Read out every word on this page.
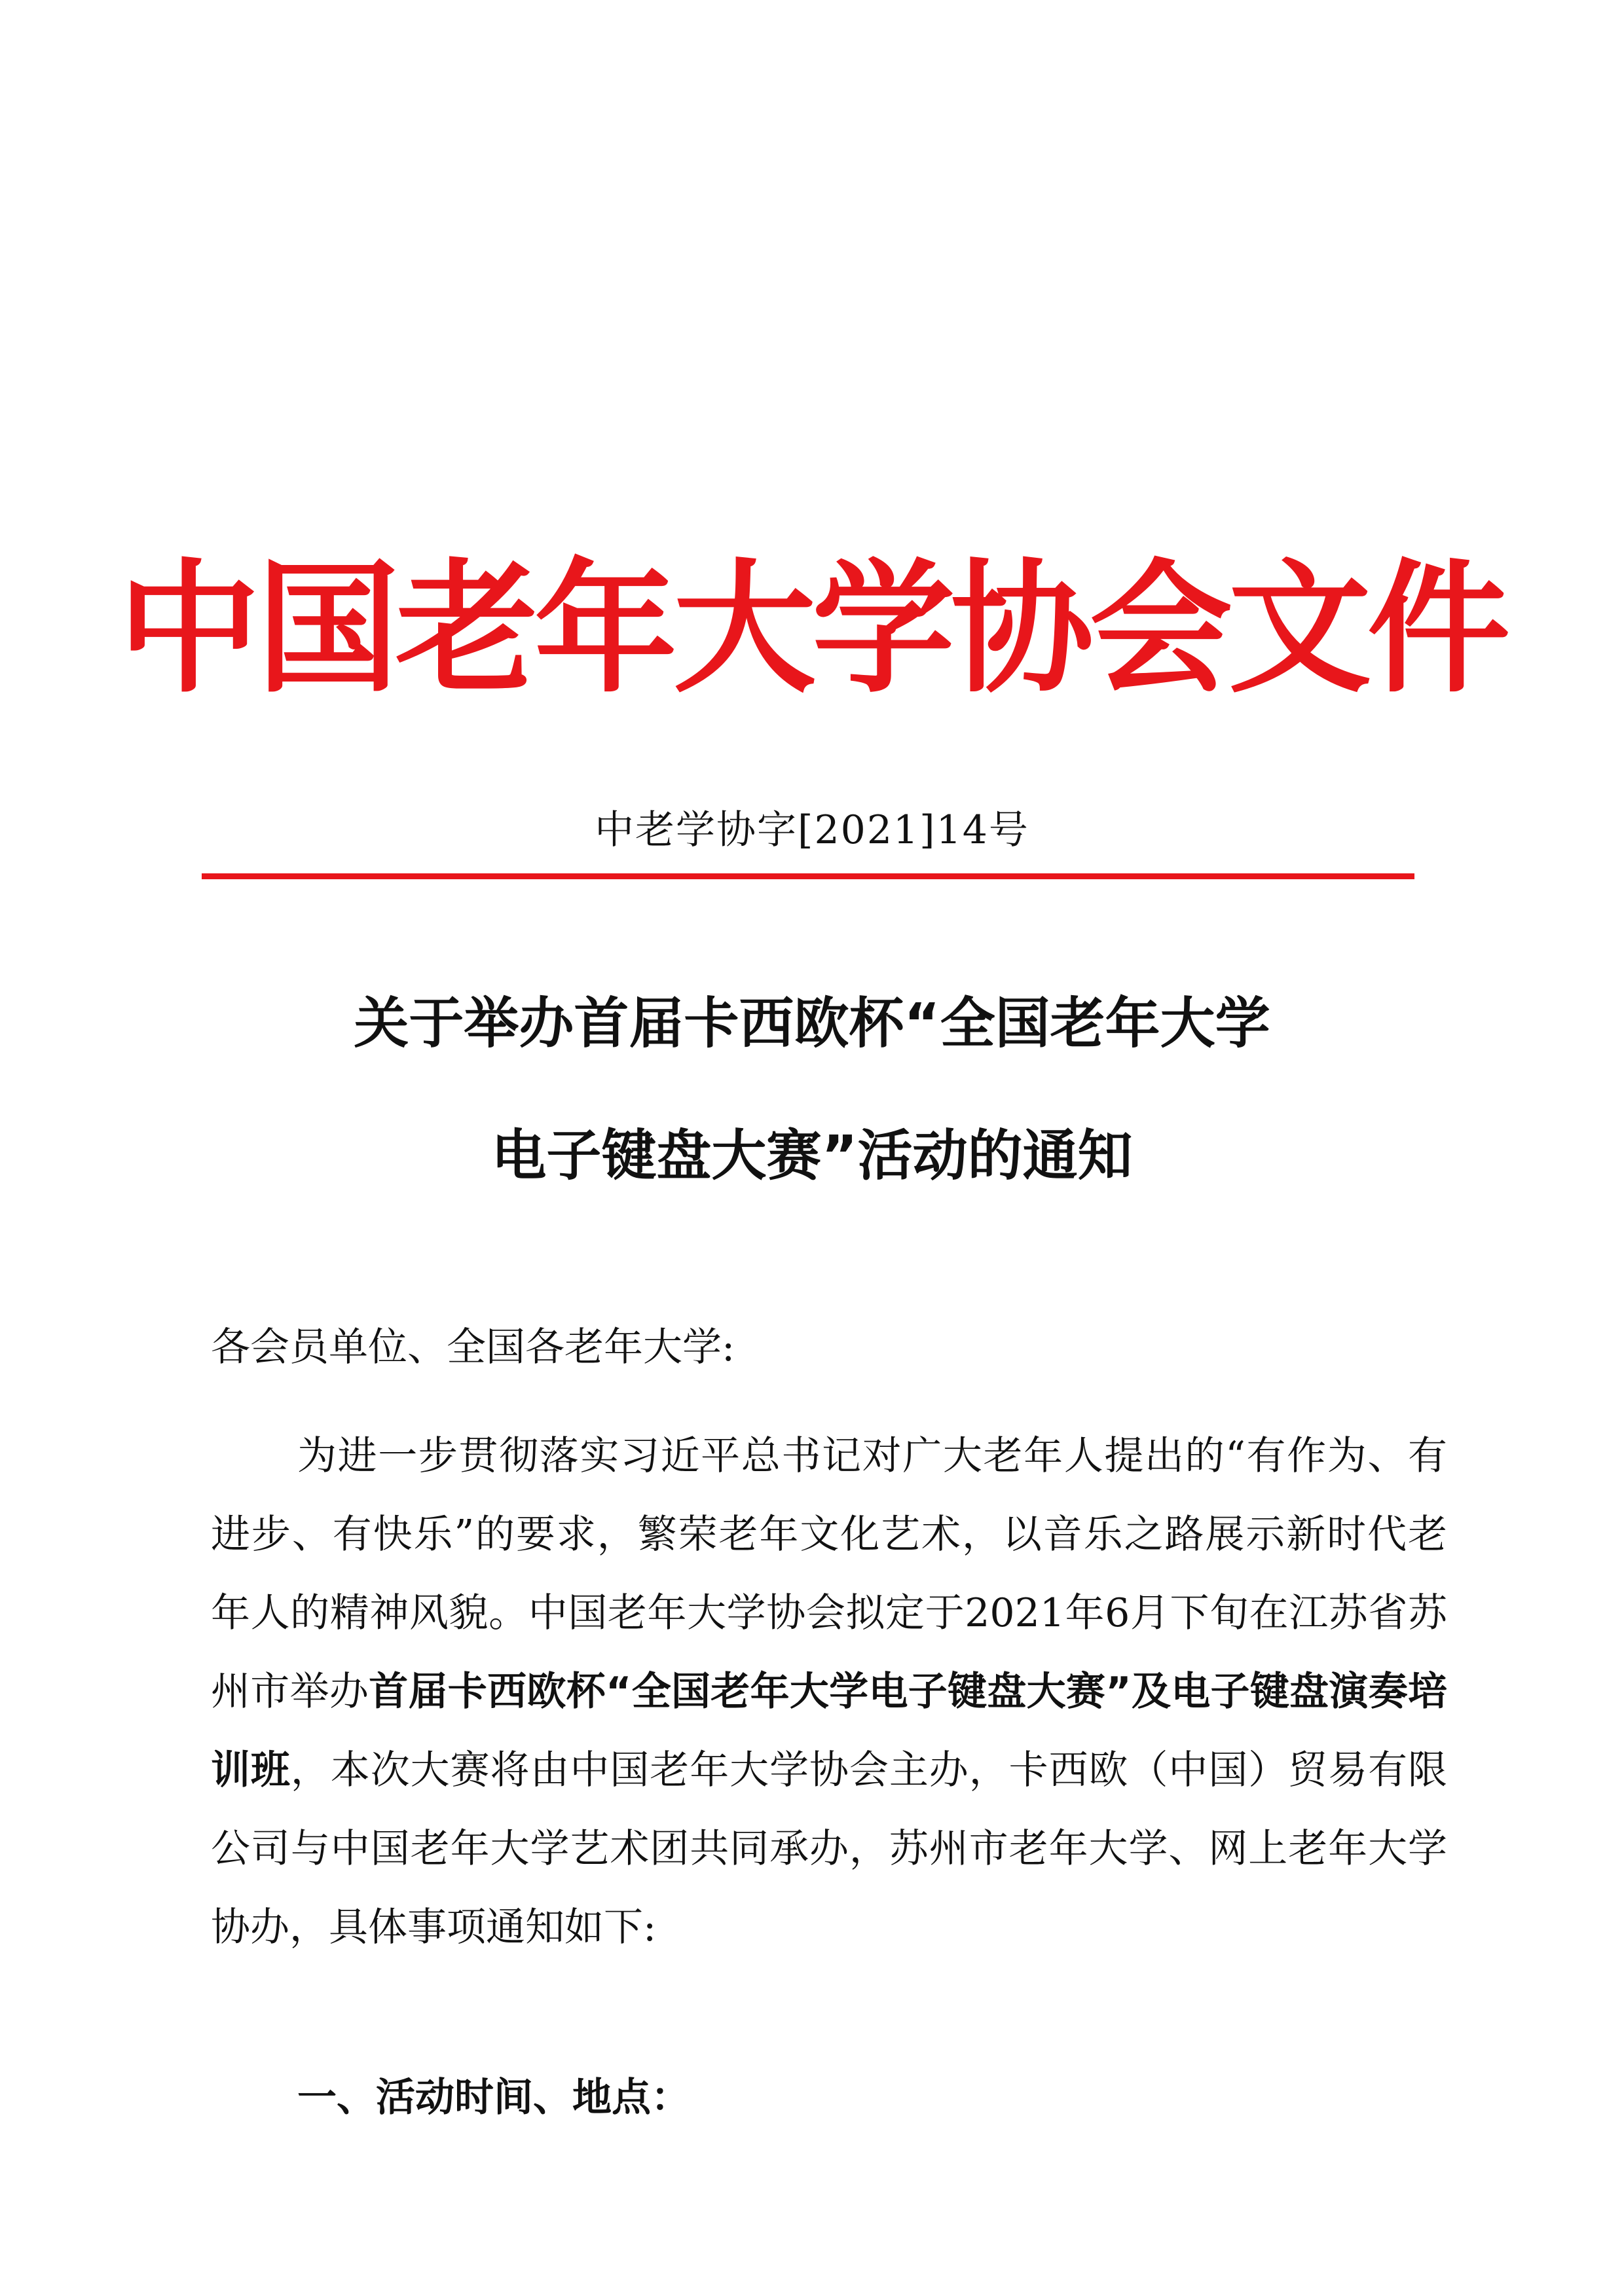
中国老年大学协会文件
中老学协字[2021]14号
关于举办首届卡西欧杯“全国老年大学
电子键盘大赛”活动的通知
各会员单位、全国各老年大学:
为进一步贯彻落实习近平总书记对广大老年人提出的“有作为、有进步、有快乐”的要求，繁荣老年文化艺术，以音乐之路展示新时代老年人的精神风貌。中国老年大学协会拟定于2021年6月下旬在江苏省苏州市举办首届卡西欧杯“全国老年大学电子键盘大赛”及电子键盘演奏培训班，本次大赛将由中国老年大学协会主办，卡西欧（中国）贸易有限公司与中国老年大学艺术团共同承办，苏州市老年大学、网上老年大学协办，具体事项通知如下:
一、活动时间、地点：
